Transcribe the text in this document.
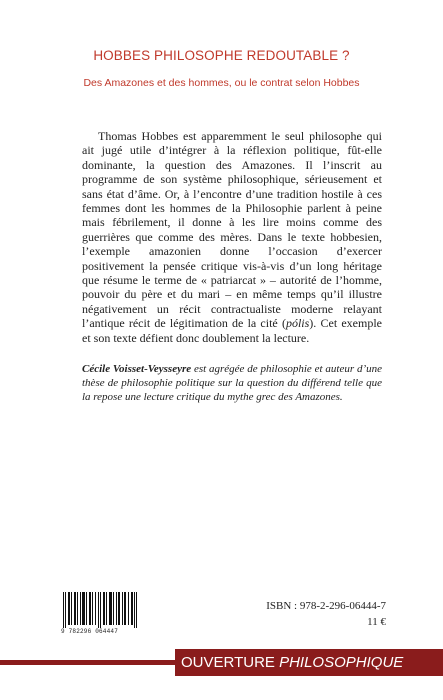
HOBBES PHILOSOPHE REDOUTABLE ?
Des Amazones et des hommes, ou le contrat selon Hobbes

Thomas Hobbes est apparemment le seul philosophe qui ait jugé utile d’intégrer à la réflexion politique, fût-elle dominante, la question des Amazones. Il l’inscrit au programme de son système philosophique, sérieusement et sans état d’âme. Or, à l’encontre d’une tradition hostile à ces femmes dont les hommes de la Philosophie parlent à peine mais fébrilement, il donne à les lire moins comme des guerrières que comme des mères. Dans le texte hobbesien, l’exemple amazonien donne l’occasion d’exercer positivement la pensée critique vis-à-vis d’un long héritage que résume le terme de « patriarcat » – autorité de l’homme, pouvoir du père et du mari – en même temps qu’il illustre négativement un récit contractualiste moderne relayant l’antique récit de légitimation de la cité (pólis). Cet exemple et son texte défient donc doublement la lecture.

Cécile Voisset-Veysseyre est agrégée de philosophie et auteur d’une thèse de philosophie politique sur la question du différend telle que la repose une lecture critique du mythe grec des Amazones.

9 782296 064447
ISBN : 978-2-296-06444-7
11 €
OUVERTURE PHILOSOPHIQUE
